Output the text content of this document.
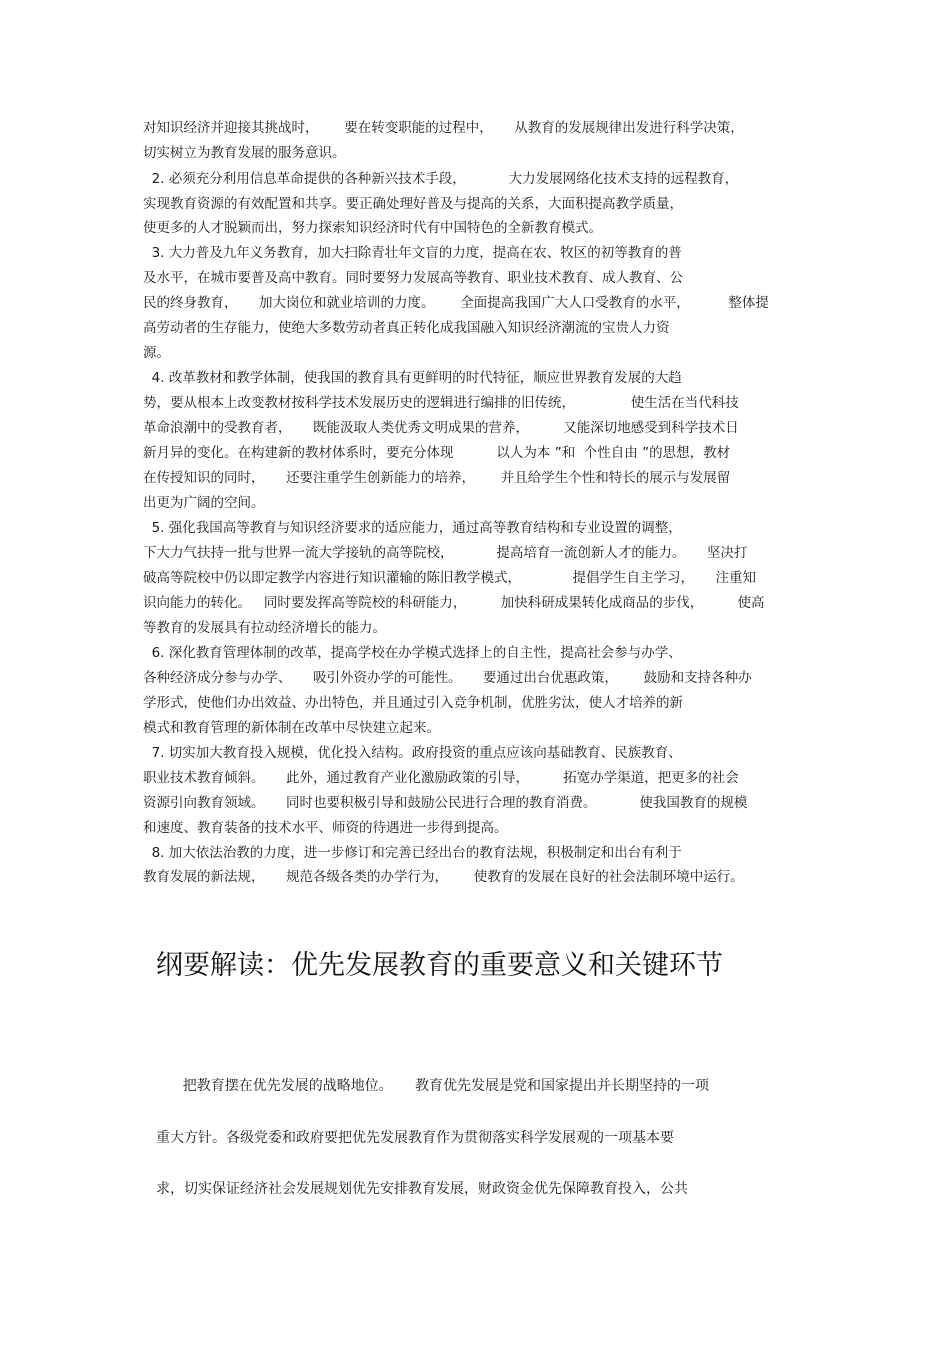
对知识经济并迎接其挑战时，      要在转变职能的过程中，     从教育的发展规律出发进行科学决策，
切实树立为教育发展的服务意识。
2. 必须充分利用信息革命提供的各种新兴技术手段，          大力发展网络化技术支持的远程教育，
实现教育资源的有效配置和共享。要正确处理好普及与提高的关系，大面积提高教学质量，
使更多的人才脱颖而出，努力探索知识经济时代有中国特色的全新教育模式。
3. 大力普及九年义务教育，加大扫除青壮年文盲的力度，提高在农、牧区的初等教育的普
及水平，在城市要普及高中教育。同时要努力发展高等教育、职业技术教育、成人教育、公
民的终身教育，     加大岗位和就业培训的力度。      全面提高我国广大人口受教育的水平，         整体提
高劳动者的生存能力，使绝大多数劳动者真正转化成我国融入知识经济潮流的宝贵人力资
源。
4. 改革教材和教学体制，使我国的教育具有更鲜明的时代特征，顺应世界教育发展的大趋
势，要从根本上改变教材按科学技术发展历史的逻辑进行编排的旧传统，             使生活在当代科技
革命浪潮中的受教育者，     既能汲取人类优秀文明成果的营养，        又能深切地感受到科学技术日
新月异的变化。在构建新的教材体系时，要充分体现          以人为本 ”和  个性自由 ”的思想，教材
在传授知识的同时，     还要注重学生创新能力的培养，      并且给学生个性和特长的展示与发展留
出更为广阔的空间。
5. 强化我国高等教育与知识经济要求的适应能力，通过高等教育结构和专业设置的调整，
下大力气扶持一批与世界一流大学接轨的高等院校，          提高培育一流创新人才的能力。     坚决打
破高等院校中仍以即定教学内容进行知识灌输的陈旧教学模式，            提倡学生自主学习，     注重知
识向能力的转化。   同时要发挥高等院校的科研能力，        加快科研成果转化成商品的步伐，        使高
等教育的发展具有拉动经济增长的能力。
6. 深化教育管理体制的改革，提高学校在办学模式选择上的自主性，提高社会参与办学、
各种经济成分参与办学、     吸引外资办学的可能性。     要通过出台优惠政策，      鼓励和支持各种办
学形式，使他们办出效益、办出特色，并且通过引入竞争机制，优胜劣汰，使人才培养的新
模式和教育管理的新体制在改革中尽快建立起来。
7. 切实加大教育投入规模，优化投入结构。政府投资的重点应该向基础教育、民族教育、
职业技术教育倾斜。     此外，通过教育产业化激励政策的引导，        拓宽办学渠道，把更多的社会
资源引向教育领域。     同时也要积极引导和鼓励公民进行合理的教育消费。          使我国教育的规模
和速度、教育装备的技术水平、师资的待遇进一步得到提高。
8. 加大依法治教的力度，进一步修订和完善已经出台的教育法规，积极制定和出台有利于
教育发展的新法规，     规范各级各类的办学行为，      使教育的发展在良好的社会法制环境中运行。
纲要解读：优先发展教育的重要意义和关键环节
把教育摆在优先发展的战略地位。     教育优先发展是党和国家提出并长期坚持的一项
重大方针。各级党委和政府要把优先发展教育作为贯彻落实科学发展观的一项基本要
求，切实保证经济社会发展规划优先安排教育发展，财政资金优先保障教育投入，公共
